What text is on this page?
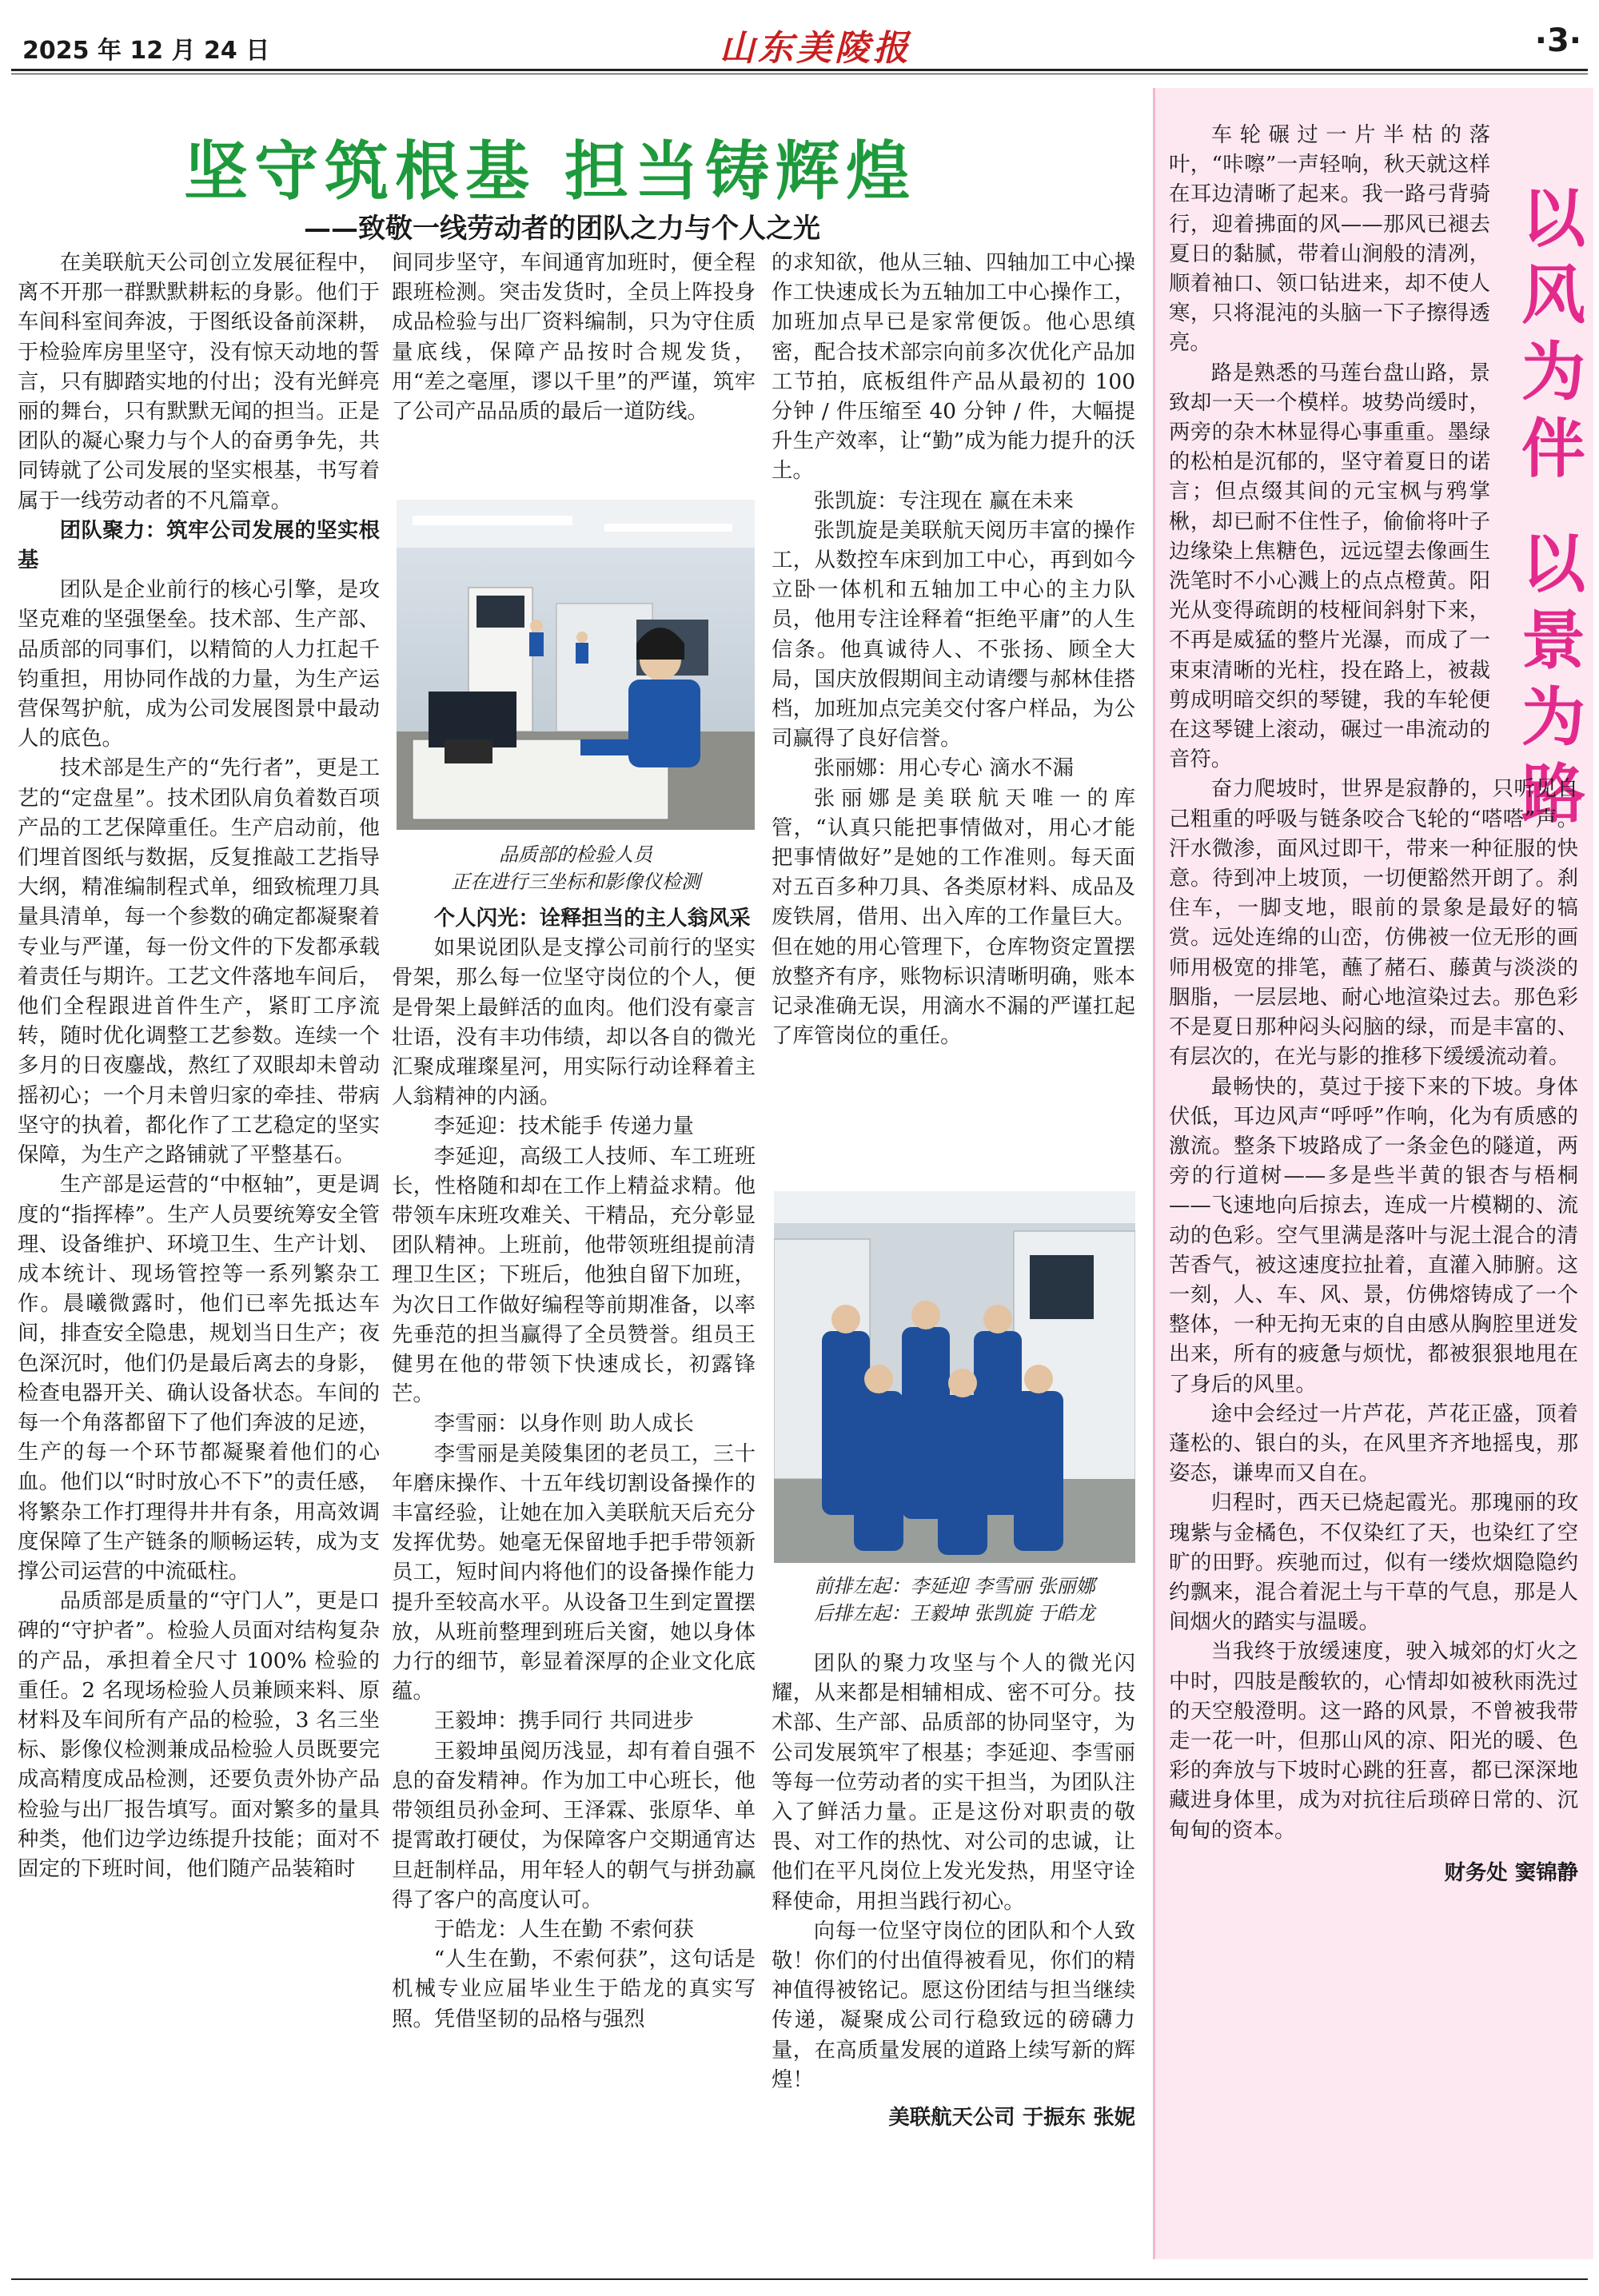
2025 年 12 月 24 日	山东美陵报	·3·
坚守筑根基 担当铸辉煌
——致敬一线劳动者的团队之力与个人之光

在美联航天公司创立发展征程中，离不开那一群默默耕耘的身影。他们于车间科室间奔波，于图纸设备前深耕，于检验库房里坚守，没有惊天动地的誓言，只有脚踏实地的付出；没有光鲜亮丽的舞台，只有默默无闻的担当。正是团队的凝心聚力与个人的奋勇争先，共同铸就了公司发展的坚实根基，书写着属于一线劳动者的不凡篇章。

团队聚力：筑牢公司发展的坚实根基

团队是企业前行的核心引擎，是攻坚克难的坚强堡垒。技术部、生产部、品质部的同事们，以精简的人力扛起千钧重担，用协同作战的力量，为生产运营保驾护航，成为公司发展图景中最动人的底色。

技术部是生产的“先行者”，更是工艺的“定盘星”。技术团队肩负着数百项产品的工艺保障重任。生产启动前，他们埋首图纸与数据，反复推敲工艺指导大纲，精准编制程式单，细致梳理刀具量具清单，每一个参数的确定都凝聚着专业与严谨，每一份文件的下发都承载着责任与期许。工艺文件落地车间后，他们全程跟进首件生产，紧盯工序流转，随时优化调整工艺参数。连续一个多月的日夜鏖战，熬红了双眼却未曾动摇初心；一个月未曾归家的牵挂、带病坚守的执着，都化作了工艺稳定的坚实保障，为生产之路铺就了平整基石。

生产部是运营的“中枢轴”，更是调度的“指挥棒”。生产人员要统筹安全管理、设备维护、环境卫生、生产计划、成本统计、现场管控等一系列繁杂工作。晨曦微露时，他们已率先抵达车间，排查安全隐患，规划当日生产；夜色深沉时，他们仍是最后离去的身影，检查电器开关、确认设备状态。车间的每一个角落都留下了他们奔波的足迹，生产的每一个环节都凝聚着他们的心血。他们以“时时放心不下”的责任感，将繁杂工作打理得井井有条，用高效调度保障了生产链条的顺畅运转，成为支撑公司运营的中流砥柱。

品质部是质量的“守门人”，更是口碑的“守护者”。检验人员面对结构复杂的产品，承担着全尺寸 100% 检验的重任。2 名现场检验人员兼顾来料、原材料及车间所有产品的检验，3 名三坐标、影像仪检测兼成品检验人员既要完成高精度成品检测，还要负责外协产品检验与出厂报告填写。面对繁多的量具种类，他们边学边练提升技能；面对不固定的下班时间，他们随产品装箱时

间同步坚守，车间通宵加班时，便全程跟班检测。突击发货时，全员上阵投身成品检验与出厂资料编制，只为守住质量底线，保障产品按时合规发货，用“差之毫厘，谬以千里”的严谨，筑牢了公司产品品质的最后一道防线。

品质部的检验人员
正在进行三坐标和影像仪检测

个人闪光：诠释担当的主人翁风采

如果说团队是支撑公司前行的坚实骨架，那么每一位坚守岗位的个人，便是骨架上最鲜活的血肉。他们没有豪言壮语，没有丰功伟绩，却以各自的微光汇聚成璀璨星河，用实际行动诠释着主人翁精神的内涵。

李延迎：技术能手 传递力量

李延迎，高级工人技师、车工班班长，性格随和却在工作上精益求精。他带领车床班攻难关、干精品，充分彰显团队精神。上班前，他带领班组提前清理卫生区；下班后，他独自留下加班，为次日工作做好编程等前期准备，以率先垂范的担当赢得了全员赞誉。组员王健男在他的带领下快速成长，初露锋芒。

李雪丽：以身作则 助人成长

李雪丽是美陵集团的老员工，三十年磨床操作、十五年线切割设备操作的丰富经验，让她在加入美联航天后充分发挥优势。她毫无保留地手把手带领新员工，短时间内将他们的设备操作能力提升至较高水平。从设备卫生到定置摆放，从班前整理到班后关窗，她以身体力行的细节，彰显着深厚的企业文化底蕴。

王毅坤：携手同行 共同进步

王毅坤虽阅历浅显，却有着自强不息的奋发精神。作为加工中心班长，他带领组员孙金珂、王泽霖、张原华、单提霄敢打硬仗，为保障客户交期通宵达旦赶制样品，用年轻人的朝气与拼劲赢得了客户的高度认可。

于皓龙：人生在勤 不索何获

“人生在勤，不索何获”，这句话是机械专业应届毕业生于皓龙的真实写照。凭借坚韧的品格与强烈

的求知欲，他从三轴、四轴加工中心操作工快速成长为五轴加工中心操作工，加班加点早已是家常便饭。他心思缜密，配合技术部宗向前多次优化产品加工节拍，底板组件产品从最初的 100 分钟 / 件压缩至 40 分钟 / 件，大幅提升生产效率，让“勤”成为能力提升的沃土。

张凯旋：专注现在 赢在未来

张凯旋是美联航天阅历丰富的操作工，从数控车床到加工中心，再到如今立卧一体机和五轴加工中心的主力队员，他用专注诠释着“拒绝平庸”的人生信条。他真诚待人、不张扬、顾全大局，国庆放假期间主动请缨与郝林佳搭档，加班加点完美交付客户样品，为公司赢得了良好信誉。

张丽娜：用心专心 滴水不漏

张丽娜是美联航天唯一的库管，“认真只能把事情做对，用心才能把事情做好”是她的工作准则。每天面对五百多种刀具、各类原材料、成品及废铁屑，借用、出入库的工作量巨大。但在她的用心管理下，仓库物资定置摆放整齐有序，账物标识清晰明确，账本记录准确无误，用滴水不漏的严谨扛起了库管岗位的重任。

前排左起：李延迎 李雪丽 张丽娜
后排左起：王毅坤 张凯旋 于皓龙

团队的聚力攻坚与个人的微光闪耀，从来都是相辅相成、密不可分。技术部、生产部、品质部的协同坚守，为公司发展筑牢了根基；李延迎、李雪丽等每一位劳动者的实干担当，为团队注入了鲜活力量。正是这份对职责的敬畏、对工作的热忱、对公司的忠诚，让他们在平凡岗位上发光发热，用坚守诠释使命，用担当践行初心。

向每一位坚守岗位的团队和个人致敬！你们的付出值得被看见，你们的精神值得被铭记。愿这份团结与担当继续传递，凝聚成公司行稳致远的磅礴力量，在高质量发展的道路上续写新的辉煌！

美联航天公司 于振东 张妮

以
风
为
伴

以
景
为
路

车轮碾过一片半枯的落叶，“咔嚓”一声轻响，秋天就这样在耳边清晰了起来。我一路弓背骑行，迎着拂面的风——那风已褪去夏日的黏腻，带着山涧般的清冽，顺着袖口、领口钻进来，却不使人寒，只将混沌的头脑一下子擦得透亮。

路是熟悉的马莲台盘山路，景致却一天一个模样。坡势尚缓时，两旁的杂木林显得心事重重。墨绿的松柏是沉郁的，坚守着夏日的诺言；但点缀其间的元宝枫与鸦掌楸，却已耐不住性子，偷偷将叶子边缘染上焦糖色，远远望去像画生洗笔时不小心溅上的点点橙黄。阳光从变得疏朗的枝桠间斜射下来，不再是威猛的整片光瀑，而成了一束束清晰的光柱，投在路上，被裁剪成明暗交织的琴键，我的车轮便在这琴键上滚动，碾过一串流动的音符。

奋力爬坡时，世界是寂静的，只听见自己粗重的呼吸与链条咬合飞轮的“嗒嗒”声。汗水微渗，面风过即干，带来一种征服的快意。待到冲上坡顶，一切便豁然开朗了。刹住车，一脚支地，眼前的景象是最好的犒赏。远处连绵的山峦，仿佛被一位无形的画师用极宽的排笔，蘸了赭石、藤黄与淡淡的胭脂，一层层地、耐心地渲染过去。那色彩不是夏日那种闷头闷脑的绿，而是丰富的、有层次的，在光与影的推移下缓缓流动着。

最畅快的，莫过于接下来的下坡。身体伏低，耳边风声“呼呼”作响，化为有质感的激流。整条下坡路成了一条金色的隧道，两旁的行道树——多是些半黄的银杏与梧桐——飞速地向后掠去，连成一片模糊的、流动的色彩。空气里满是落叶与泥土混合的清苦香气，被这速度拉扯着，直灌入肺腑。这一刻，人、车、风、景，仿佛熔铸成了一个整体，一种无拘无束的自由感从胸腔里迸发出来，所有的疲惫与烦忧，都被狠狠地甩在了身后的风里。

途中会经过一片芦花，芦花正盛，顶着蓬松的、银白的头，在风里齐齐地摇曳，那姿态，谦卑而又自在。

归程时，西天已烧起霞光。那瑰丽的玫瑰紫与金橘色，不仅染红了天，也染红了空旷的田野。疾驰而过，似有一缕炊烟隐隐约约飘来，混合着泥土与干草的气息，那是人间烟火的踏实与温暖。

当我终于放缓速度，驶入城郊的灯火之中时，四肢是酸软的，心情却如被秋雨洗过的天空般澄明。这一路的风景，不曾被我带走一花一叶，但那山风的凉、阳光的暖、色彩的奔放与下坡时心跳的狂喜，都已深深地藏进身体里，成为对抗往后琐碎日常的、沉甸甸的资本。

财务处 窦锦静
